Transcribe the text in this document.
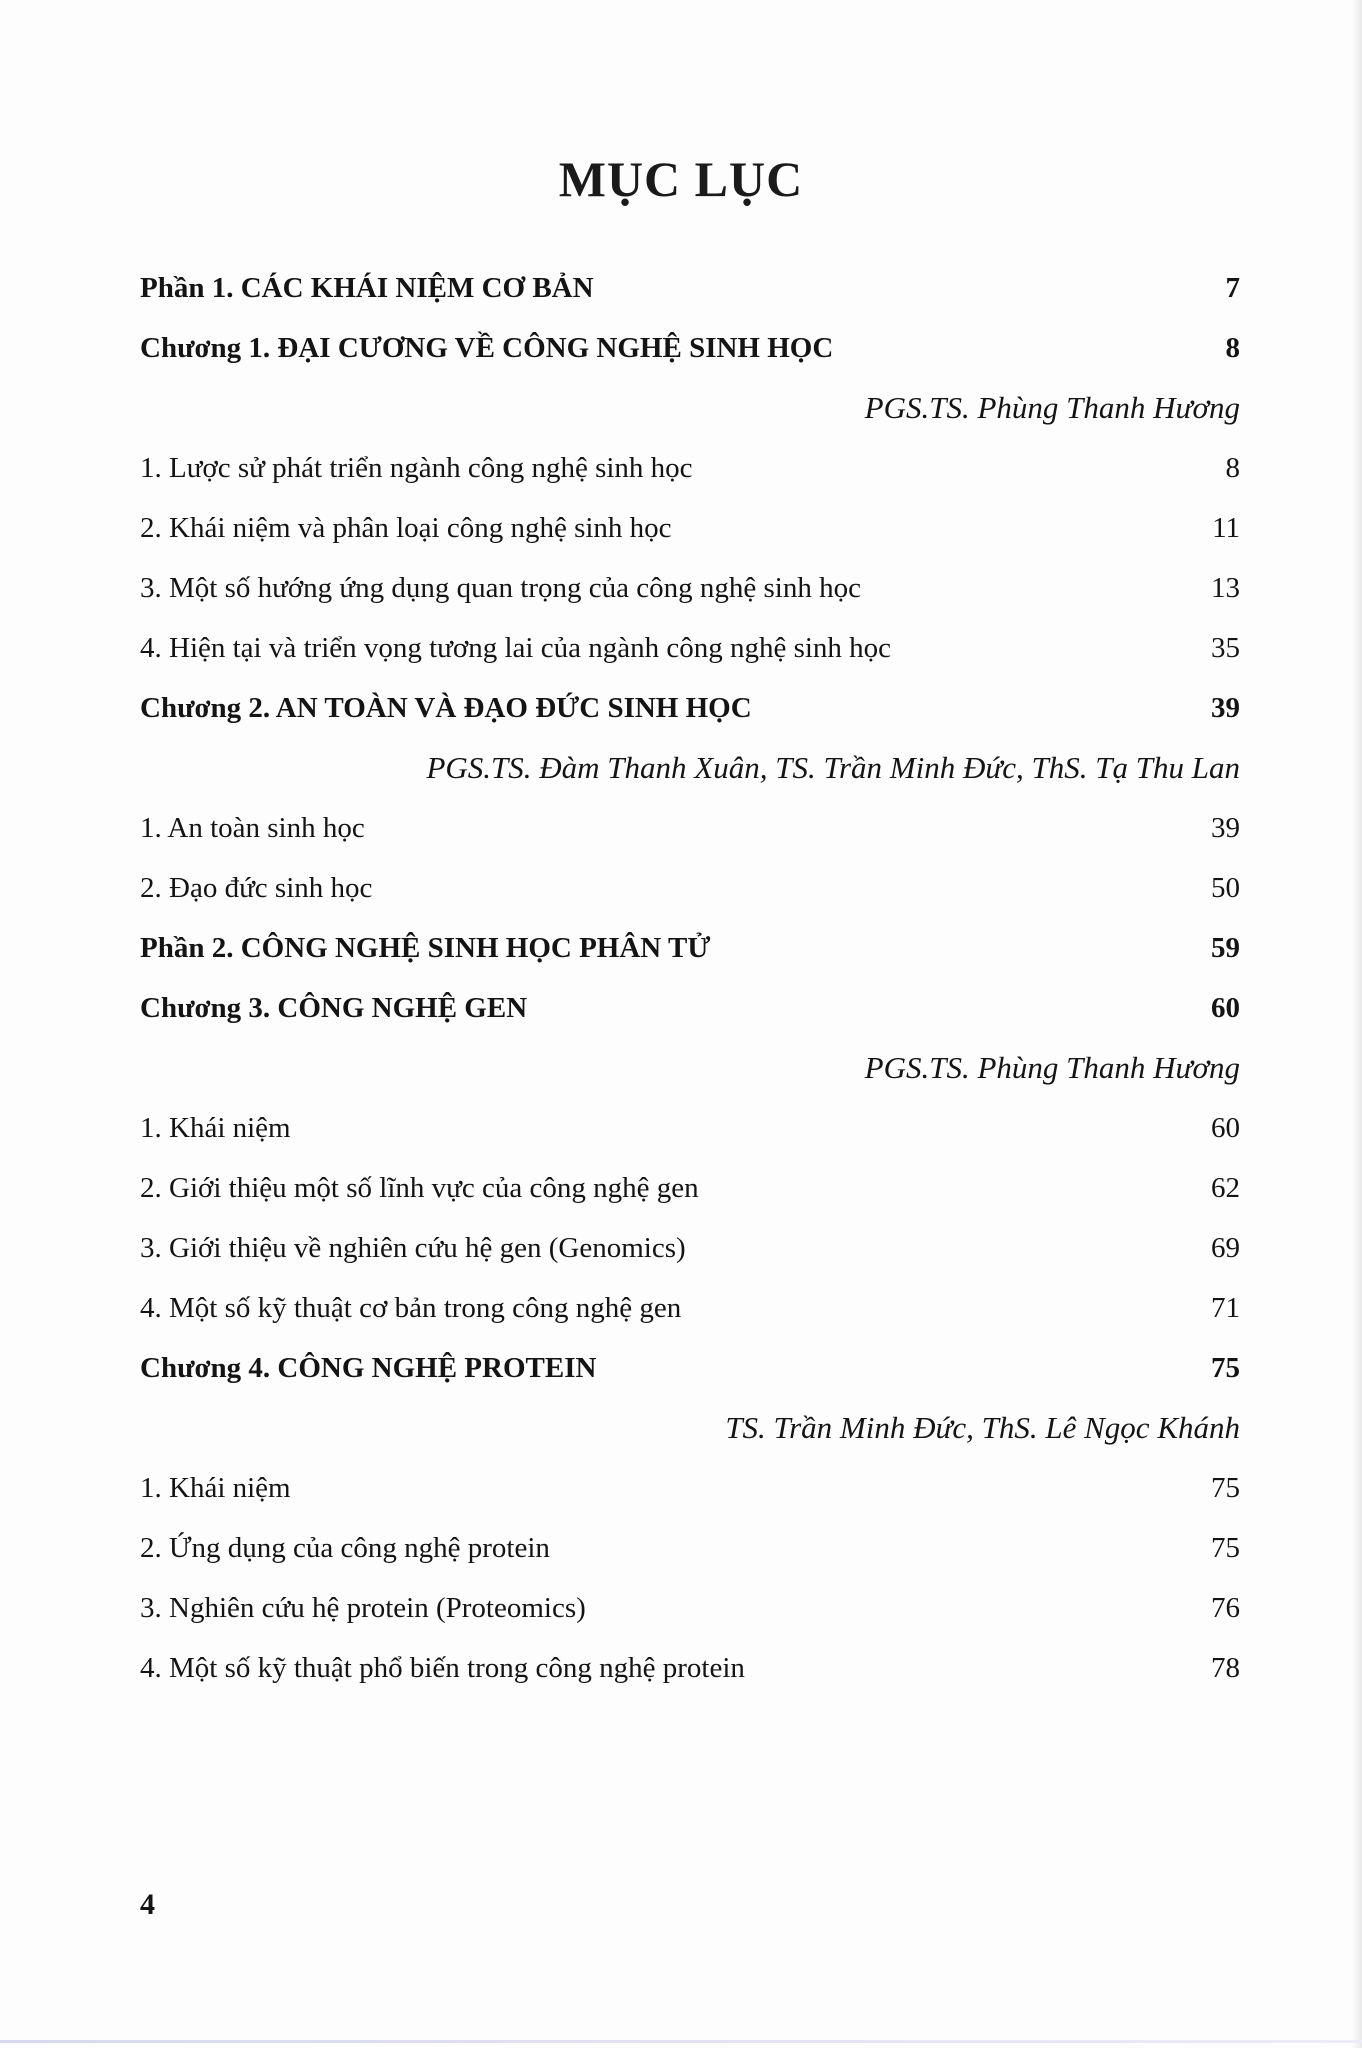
MỤC LỤC
Phần 1. CÁC KHÁI NIỆM CƠ BẢN	7
Chương 1. ĐẠI CƯƠNG VỀ CÔNG NGHỆ SINH HỌC	8
PGS.TS. Phùng Thanh Hương
1. Lược sử phát triển ngành công nghệ sinh học	8
2. Khái niệm và phân loại công nghệ sinh học	11
3. Một số hướng ứng dụng quan trọng của công nghệ sinh học	13
4. Hiện tại và triển vọng tương lai của ngành công nghệ sinh học	35
Chương 2. AN TOÀN VÀ ĐẠO ĐỨC SINH HỌC	39
PGS.TS. Đàm Thanh Xuân, TS. Trần Minh Đức, ThS. Tạ Thu Lan
1. An toàn sinh học	39
2. Đạo đức sinh học	50
Phần 2. CÔNG NGHỆ SINH HỌC PHÂN TỬ	59
Chương 3. CÔNG NGHỆ GEN	60
PGS.TS. Phùng Thanh Hương
1. Khái niệm	60
2. Giới thiệu một số lĩnh vực của công nghệ gen	62
3. Giới thiệu về nghiên cứu hệ gen (Genomics)	69
4. Một số kỹ thuật cơ bản trong công nghệ gen	71
Chương 4. CÔNG NGHỆ PROTEIN	75
TS. Trần Minh Đức, ThS. Lê Ngọc Khánh
1. Khái niệm	75
2. Ứng dụng của công nghệ protein	75
3. Nghiên cứu hệ protein (Proteomics)	76
4. Một số kỹ thuật phổ biến trong công nghệ protein	78
4
